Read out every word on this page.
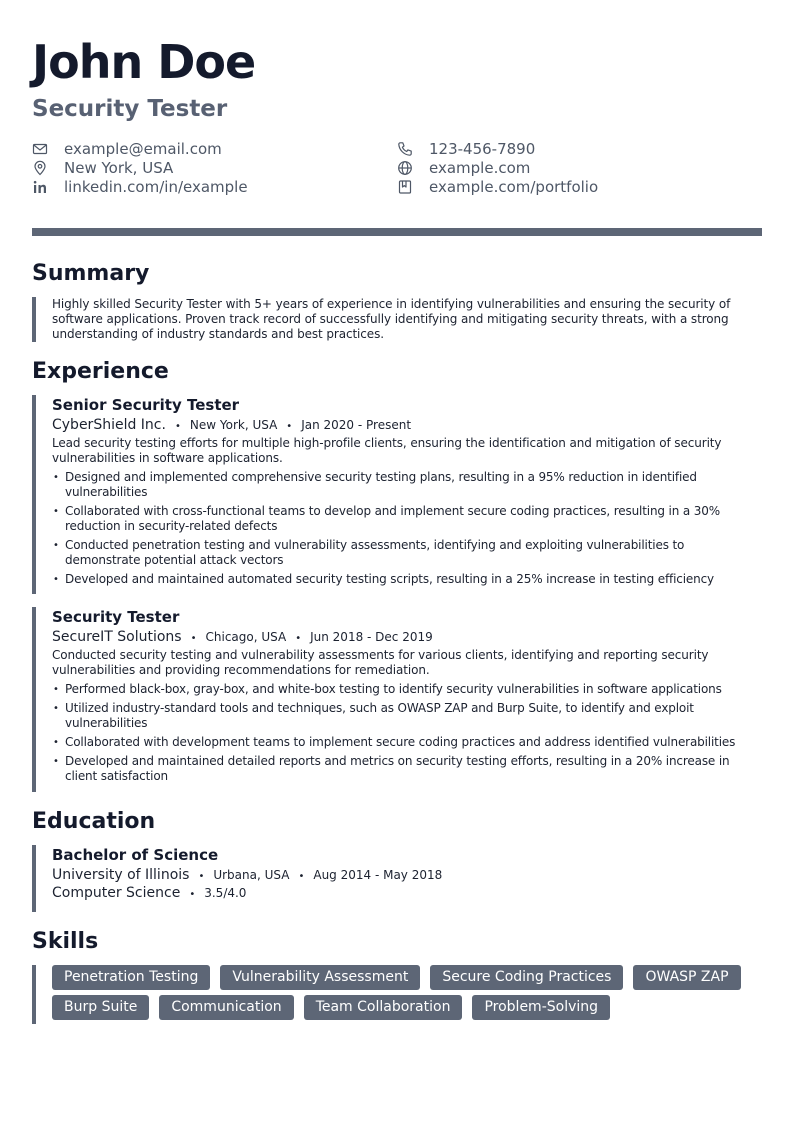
John Doe
Security Tester
example@email.com
New York, USA
linkedin.com/in/example
123-456-7890
example.com
example.com/portfolio
Summary
Highly skilled Security Tester with 5+ years of experience in identifying vulnerabilities and ensuring the security of software applications. Proven track record of successfully identifying and mitigating security threats, with a strong understanding of industry standards and best practices.
Experience
Senior Security Tester
CyberShield Inc. • New York, USA • Jan 2020 - Present
Lead security testing efforts for multiple high-profile clients, ensuring the identification and mitigation of security vulnerabilities in software applications.
• Designed and implemented comprehensive security testing plans, resulting in a 95% reduction in identified vulnerabilities
• Collaborated with cross-functional teams to develop and implement secure coding practices, resulting in a 30% reduction in security-related defects
• Conducted penetration testing and vulnerability assessments, identifying and exploiting vulnerabilities to demonstrate potential attack vectors
• Developed and maintained automated security testing scripts, resulting in a 25% increase in testing efficiency
Security Tester
SecureIT Solutions • Chicago, USA • Jun 2018 - Dec 2019
Conducted security testing and vulnerability assessments for various clients, identifying and reporting security vulnerabilities and providing recommendations for remediation.
• Performed black-box, gray-box, and white-box testing to identify security vulnerabilities in software applications
• Utilized industry-standard tools and techniques, such as OWASP ZAP and Burp Suite, to identify and exploit vulnerabilities
• Collaborated with development teams to implement secure coding practices and address identified vulnerabilities
• Developed and maintained detailed reports and metrics on security testing efforts, resulting in a 20% increase in client satisfaction
Education
Bachelor of Science
University of Illinois • Urbana, USA • Aug 2014 - May 2018
Computer Science • 3.5/4.0
Skills
Penetration Testing	Vulnerability Assessment	Secure Coding Practices	OWASP ZAP
Burp Suite	Communication	Team Collaboration	Problem-Solving
